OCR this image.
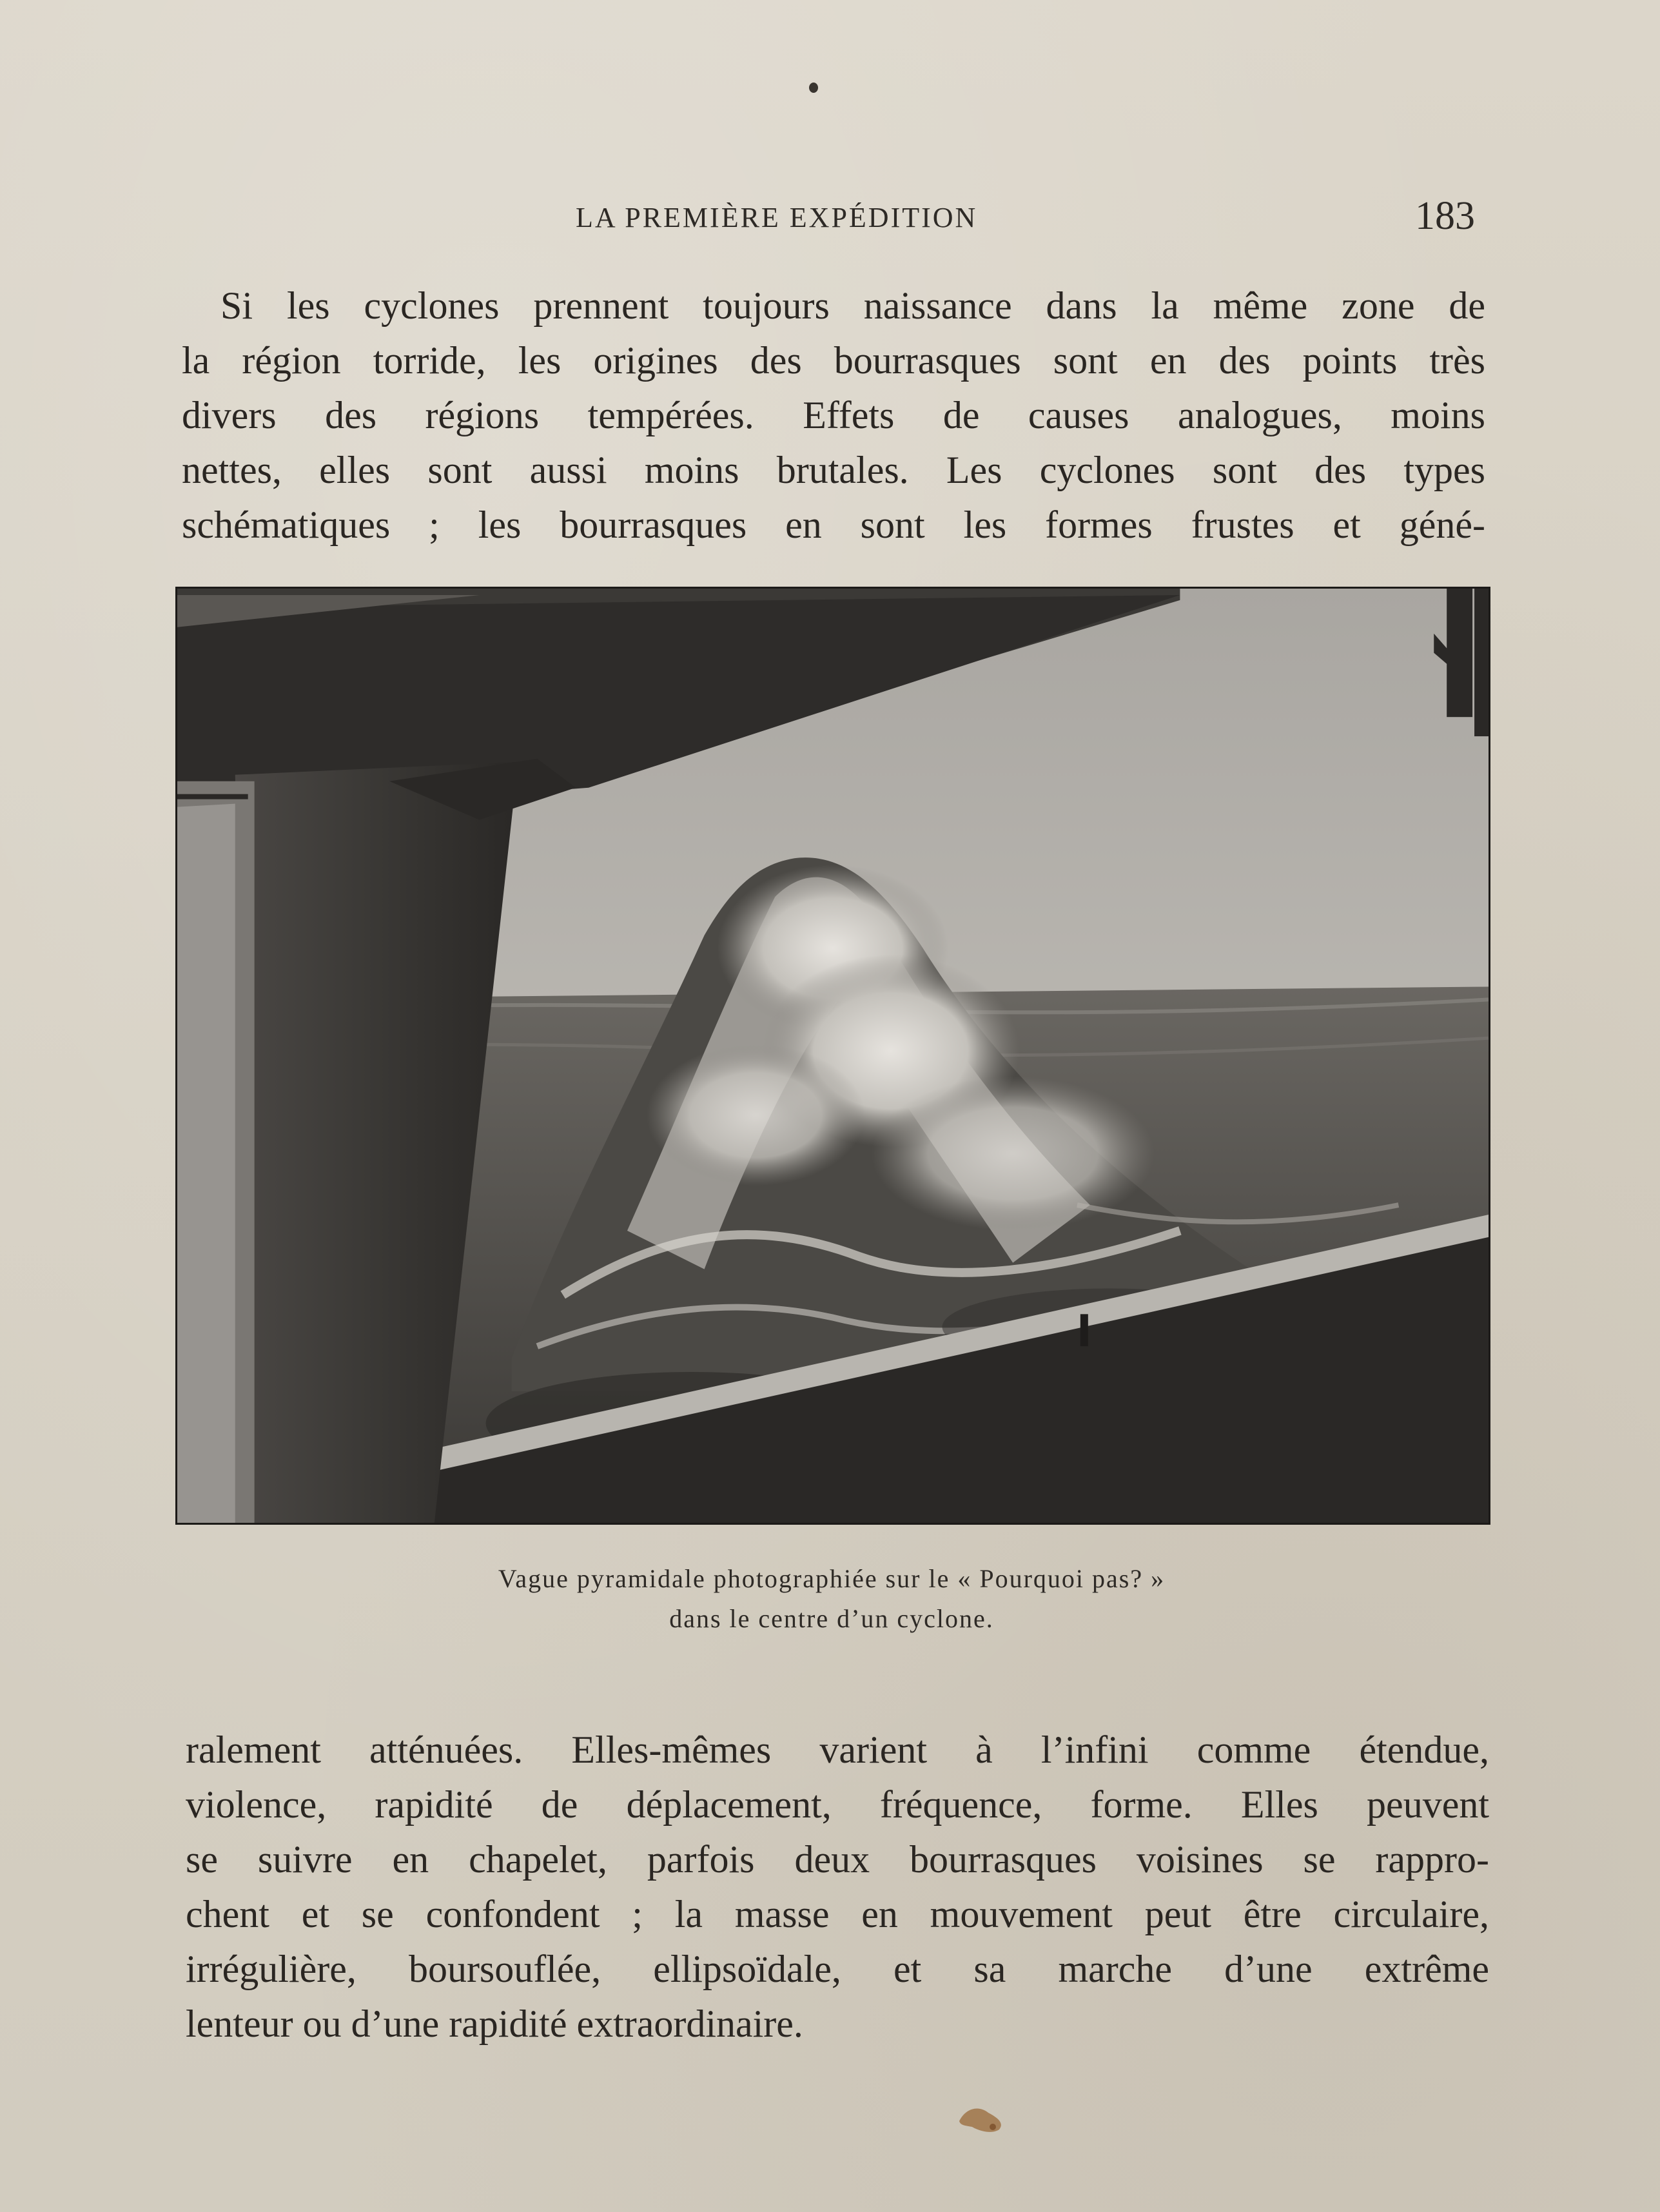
LA PREMIÈRE EXPÉDITION	183

Si les cyclones prennent toujours naissance dans la même zone de
la région torride, les origines des bourrasques sont en des points très
divers des régions tempérées. Effets de causes analogues, moins
nettes, elles sont aussi moins brutales. Les cyclones sont des types
schématiques ; les bourrasques en sont les formes frustes et géné-

Vague pyramidale photographiée sur le « Pourquoi pas? »
dans le centre d’un cyclone.

ralement atténuées. Elles-mêmes varient à l’infini comme étendue,
violence, rapidité de déplacement, fréquence, forme. Elles peuvent
se suivre en chapelet, parfois deux bourrasques voisines se rappro-
chent et se confondent ; la masse en mouvement peut être circulaire,
irrégulière, boursouflée, ellipsoïdale, et sa marche d’une extrême
lenteur ou d’une rapidité extraordinaire.
